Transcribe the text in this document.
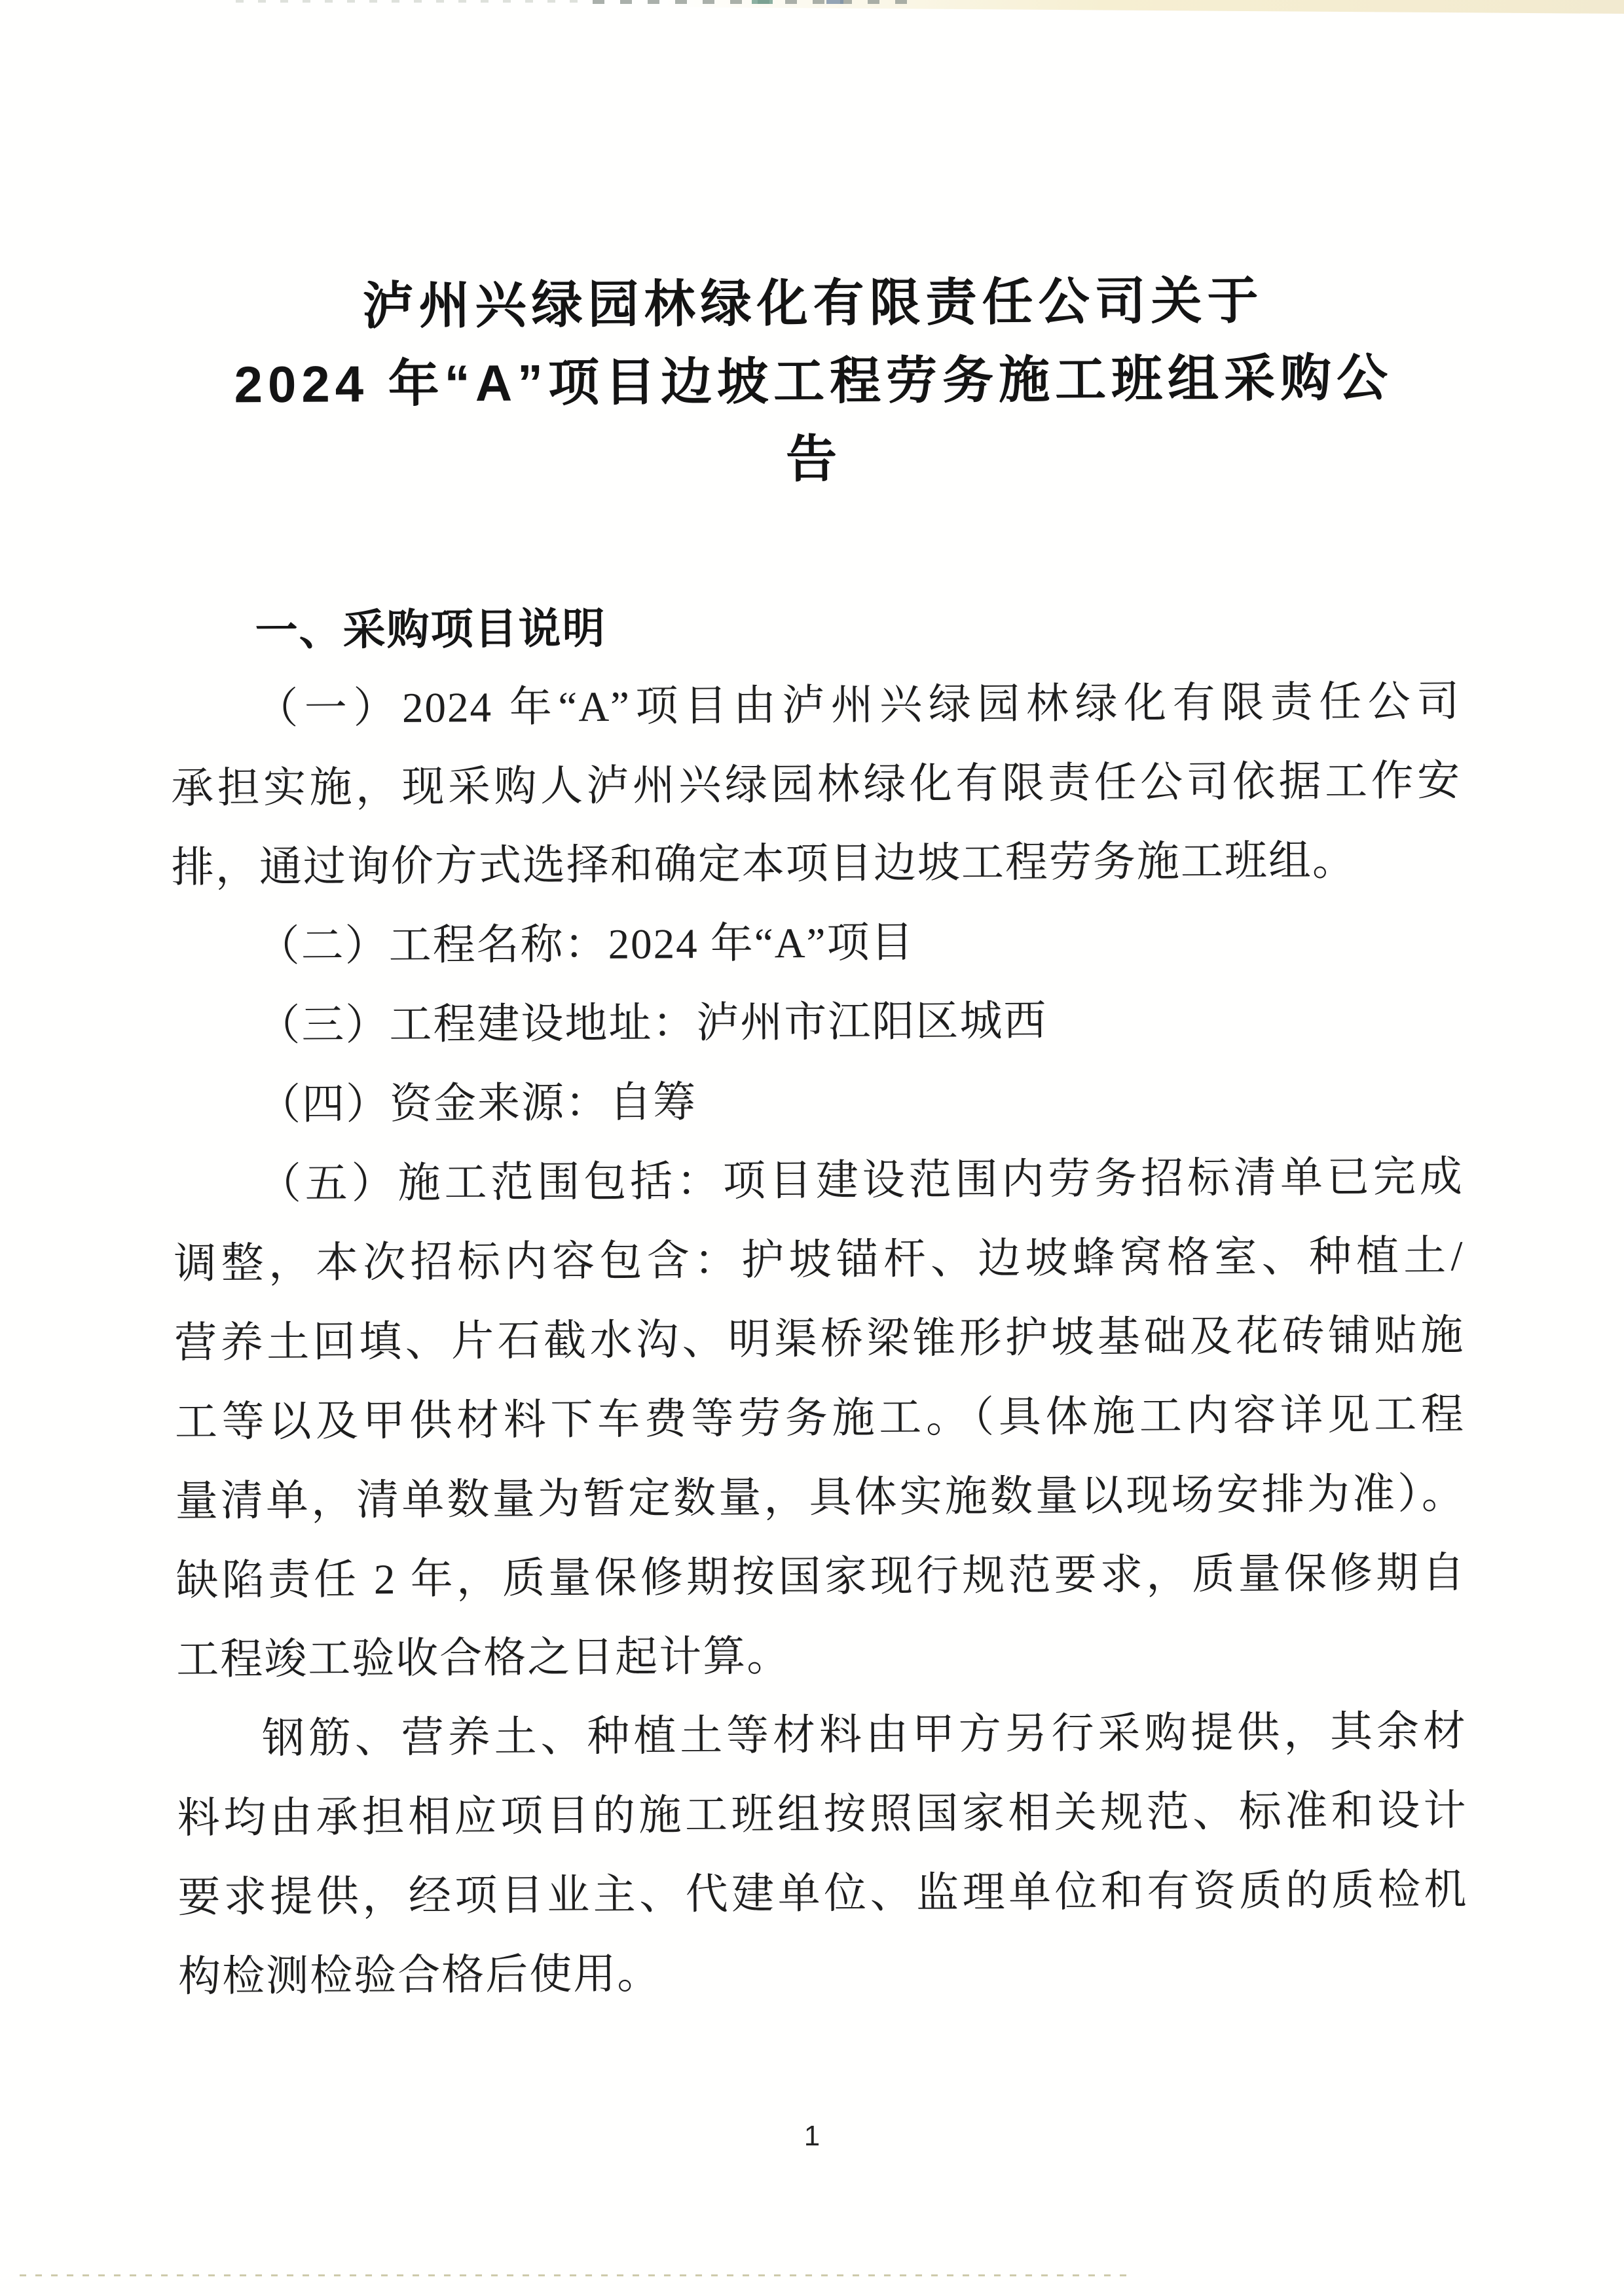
泸州兴绿园林绿化有限责任公司关于
2024 年“A”项目边坡工程劳务施工班组采购公
告
一、采购项目说明
（一）2024 年“A”项目由泸州兴绿园林绿化有限责任公司
承担实施，现采购人泸州兴绿园林绿化有限责任公司依据工作安
排，通过询价方式选择和确定本项目边坡工程劳务施工班组。
（二）工程名称：2024 年“A”项目
（三）工程建设地址：泸州市江阳区城西
（四）资金来源：自筹
（五）施工范围包括：项目建设范围内劳务招标清单已完成
调整，本次招标内容包含：护坡锚杆、边坡蜂窝格室、种植土/
营养土回填、片石截水沟、明渠桥梁锥形护坡基础及花砖铺贴施
工等以及甲供材料下车费等劳务施工。（具体施工内容详见工程
量清单，清单数量为暂定数量，具体实施数量以现场安排为准）。
缺陷责任 2 年，质量保修期按国家现行规范要求，质量保修期自
工程竣工验收合格之日起计算。
钢筋、营养土、种植土等材料由甲方另行采购提供，其余材
料均由承担相应项目的施工班组按照国家相关规范、标准和设计
要求提供，经项目业主、代建单位、监理单位和有资质的质检机
构检测检验合格后使用。
1
